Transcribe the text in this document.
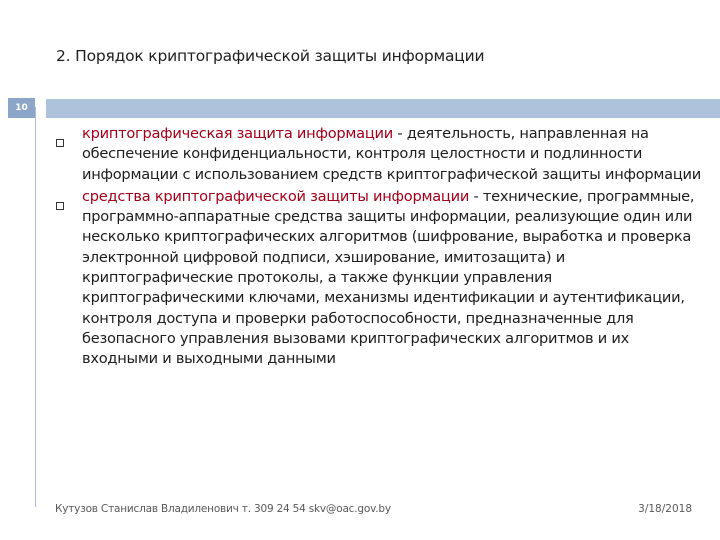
2. Порядок криптографической защиты информации
10
криптографическая защита информации - деятельность, направленная на обеспечение конфиденциальности, контроля целостности и подлинности информации с использованием средств криптографической защиты информации
средства криптографической защиты информации - технические, программные, программно-аппаратные средства защиты информации, реализующие один или несколько криптографических алгоритмов (шифрование, выработка и проверка электронной цифровой подписи, хэширование, имитозащита) и криптографические протоколы, а также функции управления криптографическими ключами, механизмы идентификации и аутентификации, контроля доступа и проверки работоспособности, предназначенные для безопасного управления вызовами криптографических алгоритмов и их входными и выходными данными
Кутузов Станислав Владиленович т. 309 24 54 skv@oac.gov.by	3/18/2018
